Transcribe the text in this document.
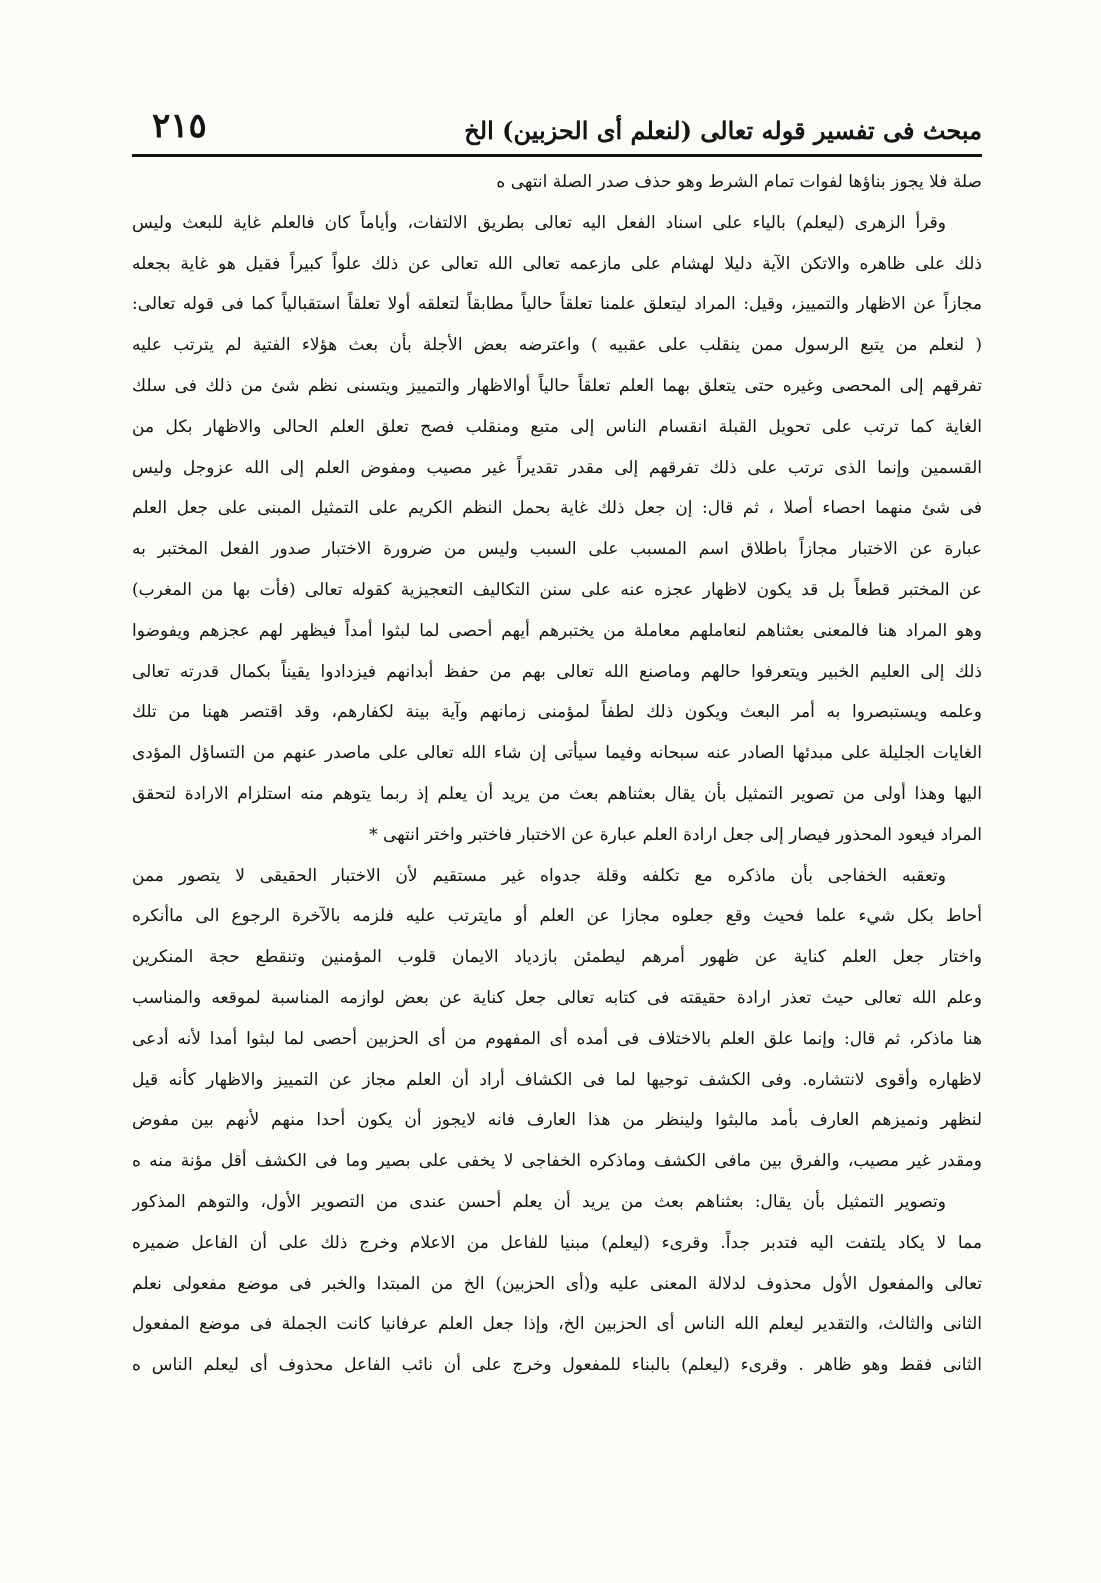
مبحث فى تفسير قوله تعالى (لنعلم أى الحزبين) الخ
٢١٥
صلة فلا يجوز بناؤها لفوات تمام الشرط وهو حذف صدر الصلة انتهى ه
وقرأ الزهرى (ليعلم) بالياء على اسناد الفعل اليه تعالى بطريق الالتفات، وأياماً كان فالعلم غاية للبعث وليس
ذلك على ظاهره والاتكن الآية دليلا لهشام على مازعمه تعالى الله تعالى عن ذلك علواً كبيراً فقيل هو غاية بجعله
مجازاً عن الاظهار والتمييز، وقيل: المراد ليتعلق علمنا تعلقاً حالياً مطابقاً لتعلقه أولا تعلقاً استقبالياً كما فى قوله تعالى:
( لنعلم من يتبع الرسول ممن ينقلب على عقبيه ) واعترضه بعض الأجلة بأن بعث هؤلاء الفتية لم يترتب عليه
تفرقهم إلى المحصى وغيره حتى يتعلق بهما العلم تعلقاً حالياً أوالاظهار والتمييز ويتسنى نظم شئ من ذلك فى سلك
الغاية كما ترتب على تحويل القبلة انقسام الناس إلى متبع ومنقلب فصح تعلق العلم الحالى والاظهار بكل من
القسمين وإنما الذى ترتب على ذلك تفرقهم إلى مقدر تقديراً غير مصيب ومفوض العلم إلى الله عزوجل وليس
فى شئ منهما احصاء أصلا ، ثم قال: إن جعل ذلك غاية بحمل النظم الكريم على التمثيل المبنى على جعل العلم
عبارة عن الاختبار مجازاً باطلاق اسم المسبب على السبب وليس من ضرورة الاختبار صدور الفعل المختبر به
عن المختبر قطعاً بل قد يكون لاظهار عجزه عنه على سنن التكاليف التعجيزية كقوله تعالى (فأت بها من المغرب)
وهو المراد هنا فالمعنى بعثناهم لنعاملهم معاملة من يختبرهم أيهم أحصى لما لبثوا أمداً فيظهر لهم عجزهم ويفوضوا
ذلك إلى العليم الخبير ويتعرفوا حالهم وماصنع الله تعالى بهم من حفظ أبدانهم فيزدادوا يقيناً بكمال قدرته تعالى
وعلمه ويستبصروا به أمر البعث ويكون ذلك لطفاً لمؤمنى زمانهم وآية بينة لكفارهم، وقد اقتصر ههنا من تلك
الغايات الجليلة على مبدئها الصادر عنه سبحانه وفيما سيأتى إن شاء الله تعالى على ماصدر عنهم من التساؤل المؤدى
اليها وهذا أولى من تصوير التمثيل بأن يقال بعثناهم بعث من يريد أن يعلم إذ ربما يتوهم منه استلزام الارادة لتحقق
المراد فيعود المحذور فيصار إلى جعل ارادة العلم عبارة عن الاختبار فاختبر واختر انتهى *
وتعقبه الخفاجى بأن ماذكره مع تكلفه وقلة جدواه غير مستقيم لأن الاختبار الحقيقى لا يتصور ممن
أحاط بكل شيء علما فحيث وقع جعلوه مجازا عن العلم أو مايترتب عليه فلزمه بالآخرة الرجوع الى ماأنكره
واختار جعل العلم كناية عن ظهور أمرهم ليطمئن بازدياد الايمان قلوب المؤمنين وتنقطع حجة المنكرين
وعلم الله تعالى حيث تعذر ارادة حقيقته فى كتابه تعالى جعل كناية عن بعض لوازمه المناسبة لموقعه والمناسب
هنا ماذكر، ثم قال: وإنما علق العلم بالاختلاف فى أمده أى المفهوم من أى الحزبين أحصى لما لبثوا أمدا لأنه أدعى
لاظهاره وأقوى لانتشاره. وفى الكشف توجيها لما فى الكشاف أراد أن العلم مجاز عن التمييز والاظهار كأنه قيل
لنظهر ونميزهم العارف بأمد مالبثوا ولينظر من هذا العارف فانه لايجوز أن يكون أحدا منهم لأنهم بين مفوض
ومقدر غير مصيب، والفرق بين مافى الكشف وماذكره الخفاجى لا يخفى على بصير وما فى الكشف أقل مؤنة منه ه
وتصوير التمثيل بأن يقال: بعثناهم بعث من يريد أن يعلم أحسن عندى من التصوير الأول، والتوهم المذكور
مما لا يكاد يلتفت اليه فتدبر جداً. وقرىء (ليعلم) مبنيا للفاعل من الاعلام وخرج ذلك على أن الفاعل ضميره
تعالى والمفعول الأول محذوف لدلالة المعنى عليه و(أى الحزبين) الخ من المبتدا والخبر فى موضع مفعولى نعلم
الثانى والثالث، والتقدير ليعلم الله الناس أى الحزبين الخ، وإذا جعل العلم عرفانيا كانت الجملة فى موضع المفعول
الثانى فقط وهو ظاهر . وقرىء (ليعلم) بالبناء للمفعول وخرج على أن نائب الفاعل محذوف أى ليعلم الناس ه
